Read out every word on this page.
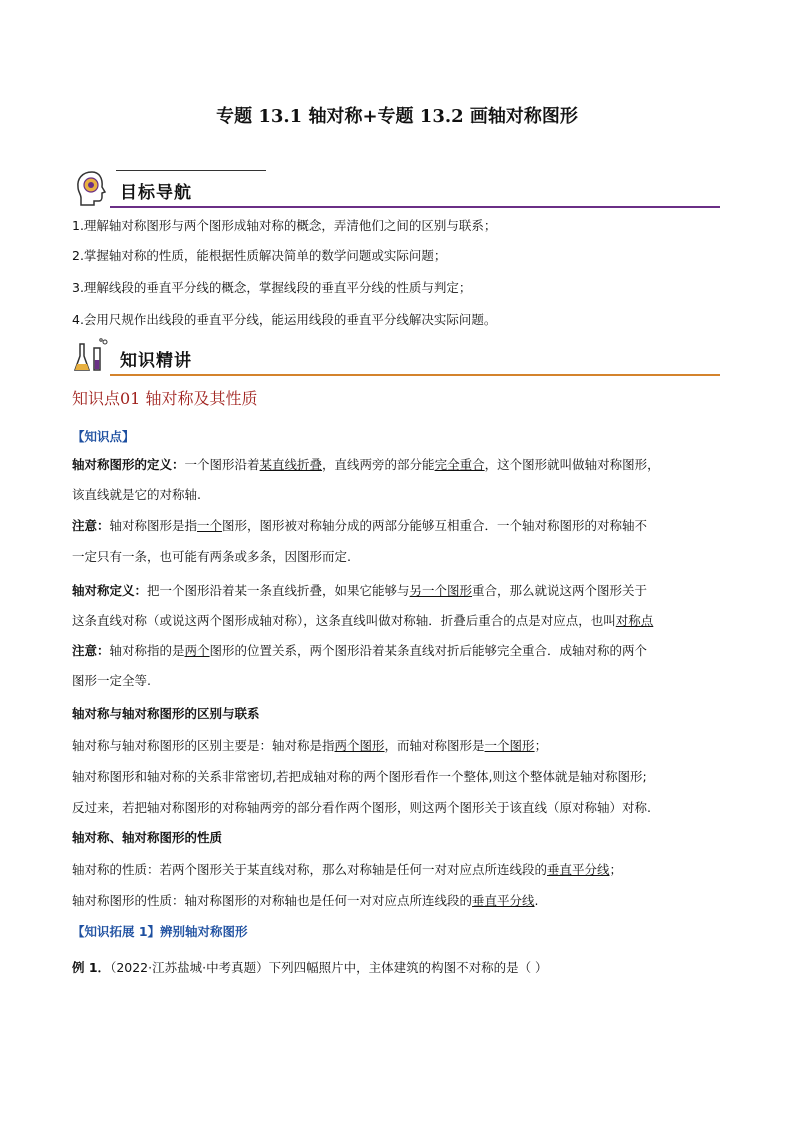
专题 13.1 轴对称+专题 13.2 画轴对称图形
目标导航
1.理解轴对称图形与两个图形成轴对称的概念，弄清他们之间的区别与联系；
2.掌握轴对称的性质，能根据性质解决简单的数学问题或实际问题；
3.理解线段的垂直平分线的概念，掌握线段的垂直平分线的性质与判定；
4.会用尺规作出线段的垂直平分线，能运用线段的垂直平分线解决实际问题。
知识精讲
知识点01 轴对称及其性质
【知识点】
轴对称图形的定义：一个图形沿着某直线折叠，直线两旁的部分能完全重合，这个图形就叫做轴对称图形，
该直线就是它的对称轴.
注意：轴对称图形是指一个图形，图形被对称轴分成的两部分能够互相重合．一个轴对称图形的对称轴不
一定只有一条，也可能有两条或多条，因图形而定.
轴对称定义：把一个图形沿着某一条直线折叠，如果它能够与另一个图形重合，那么就说这两个图形关于
这条直线对称（或说这两个图形成轴对称），这条直线叫做对称轴．折叠后重合的点是对应点，也叫对称点
注意：轴对称指的是两个图形的位置关系，两个图形沿着某条直线对折后能够完全重合．成轴对称的两个
图形一定全等.
轴对称与轴对称图形的区别与联系
轴对称与轴对称图形的区别主要是：轴对称是指两个图形，而轴对称图形是一个图形；
轴对称图形和轴对称的关系非常密切,若把成轴对称的两个图形看作一个整体,则这个整体就是轴对称图形;
反过来，若把轴对称图形的对称轴两旁的部分看作两个图形，则这两个图形关于该直线（原对称轴）对称.
轴对称、轴对称图形的性质
轴对称的性质：若两个图形关于某直线对称，那么对称轴是任何一对对应点所连线段的垂直平分线；
轴对称图形的性质：轴对称图形的对称轴也是任何一对对应点所连线段的垂直平分线.
【知识拓展 1】辨别轴对称图形
例 1．（2022·江苏盐城·中考真题）下列四幅照片中，主体建筑的构图不对称的是（ ）
